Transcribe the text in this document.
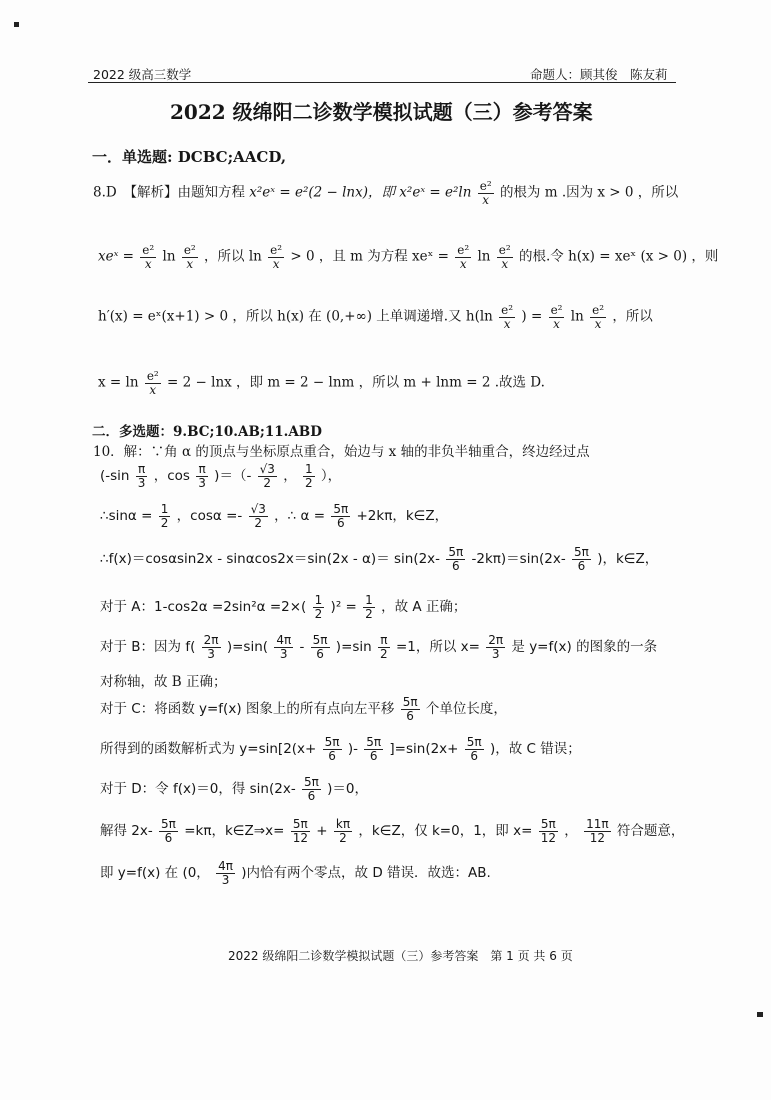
2022 级高三数学	命题人：顾其俊　陈友莉
2022 级绵阳二诊数学模拟试题（三）参考答案
一．单选题: DCBC;AACD,
8.D　【解析】由题知方程 x²eˣ = e²(2 − lnx)，即 x²eˣ = $e^2\ln \frac{\text{e²}}{x}$ 的根为 m .因为 x > 0 ，所以
xeˣ = $\frac{\text{e²}}{x}$ $\ln \frac{\text{e²}}{x}$ ，所以 $\ln \frac{\text{e²}}{x} > 0$ ，且 m 为方程 xeˣ = $\frac{\text{e²}}{x}$ $\ln \frac{\text{e²}}{x}$ 的根.令 h(x) = xeˣ (x > 0) ，则
h′(x) = eˣ(x+1) > 0 ，所以 h(x) 在 (0,+∞) 上单调递增.又 $h(\ln \frac{\text{e²}}{x}$ ) = $\frac{\text{e²}}{x}$ $\ln \frac{\text{e²}}{x}$ ，所以
$x = \ln \frac{\text{e²}}{x} = 2 - \ln x$ ，即 m = 2 − lnm ，所以 m + lnm = 2 .故选 D.
二．多选题：9.BC;10.AB;11.ABD
10．解：∵角 α 的顶点与坐标原点重合，始边与 x 轴的非负半轴重合，终边经过点
($-\sin \frac{\pi}{3}$ ，$\cos \frac{\pi}{3}$ )＝（- $\frac{√3}{2}$ ， $\frac{1}{2}$ ），
∴sinα = $\frac{1}{2}$ ，$\cos\alpha =- \frac{√3}{2}$ ，∴ $\alpha = \frac{5\pi}{6} +2k\pi$，k∈Z，
∴f(x)＝cosαsin2x - $\sin\alpha\cos 2x=\sin(2x - \alpha)= \sin(2x- \frac{5\pi}{6} -2k\pi)=\sin(2x- \frac{5\pi}{6}$ )，k∈Z，
对于 A：$1-\cos 2\alpha =2\sin^2\alpha =2\times( \frac{1}{2} )^2 = \frac{1}{2}$ ，故 A 正确；
对于 B：因为 $f( \frac{2\pi}{3} )=\sin( \frac{4\pi}{3} - \frac{5\pi}{6} )=\sin \frac{\pi}{2} =1$，所以 $x= \frac{2\pi}{3}$ 是 y=f(x) 的图象的一条
对称轴，故 B 正确；
对于 C：将函数 y=f(x) 图象上的所有点向左平移 $\frac{5\pi}{6}$ 个单位长度，
所得到的函数解析式为 $y=\sin[2(x+ \frac{5\pi}{6}$ )- $\frac{5\pi}{6} ]=\sin(2x+ \frac{5\pi}{6}$ )，故 C 错误；
对于 D：令 f(x)＝0，得 $\sin(2x- \frac{5\pi}{6} )=0$，
解得 $2x- \frac{5\pi}{6} =k\pi$，k∈Z⇒x= $\frac{5\pi}{12} + \frac{k\pi}{2}$ ，k∈Z，仅 k=0，1，即 $x= \frac{5\pi}{12}$ ， $\frac{11\pi}{12}$ 符合题意，
即 y=f(x) 在 (0， $\frac{4\pi}{3}$ )内恰有两个零点，故 D 错误．故选：AB.
2022 级绵阳二诊数学模拟试题（三）参考答案　第 1 页 共 6 页
